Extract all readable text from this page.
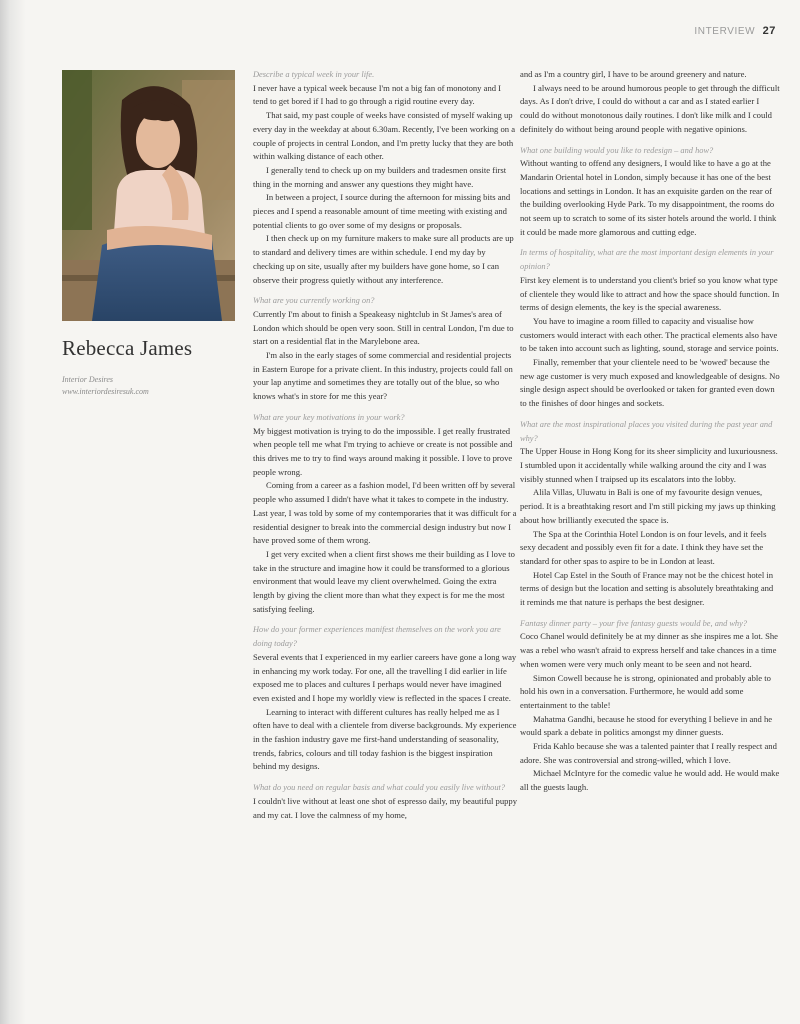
INTERVIEW 27
Rebecca James
Interior Desires
www.interiordesiresuk.com

Describe a typical week in your life.

I never have a typical week because I'm not a big fan of monotony and I tend to get bored if I had to go through a rigid routine every day.

That said, my past couple of weeks have consisted of myself waking up every day in the weekday at about 6.30am. Recently, I've been working on a couple of projects in central London, and I'm pretty lucky that they are both within walking distance of each other.

I generally tend to check up on my builders and tradesmen onsite first thing in the morning and answer any questions they might have.

In between a project, I source during the afternoon for missing bits and pieces and I spend a reasonable amount of time meeting with existing and potential clients to go over some of my designs or proposals.

I then check up on my furniture makers to make sure all products are up to standard and delivery times are within schedule. I end my day by checking up on site, usually after my builders have gone home, so I can observe their progress quietly without any interference.

What are you currently working on?

Currently I'm about to finish a Speakeasy nightclub in St James's area of London which should be open very soon. Still in central London, I'm due to start on a residential flat in the Marylebone area.

I'm also in the early stages of some commercial and residential projects in Eastern Europe for a private client. In this industry, projects could fall on your lap anytime and sometimes they are totally out of the blue, so who knows what's in store for me this year?

What are your key motivations in your work?

My biggest motivation is trying to do the impossible. I get really frustrated when people tell me what I'm trying to achieve or create is not possible and this drives me to try to find ways around making it possible. I love to prove people wrong.

Coming from a career as a fashion model, I'd been written off by several people who assumed I didn't have what it takes to compete in the industry. Last year, I was told by some of my contemporaries that it was difficult for a residential designer to break into the commercial design industry but now I have proved some of them wrong.

I get very excited when a client first shows me their building as I love to take in the structure and imagine how it could be transformed to a glorious environment that would leave my client overwhelmed. Going the extra length by giving the client more than what they expect is for me the most satisfying feeling.

How do your former experiences manifest themselves on the work you are doing today?

Several events that I experienced in my earlier careers have gone a long way in enhancing my work today. For one, all the travelling I did earlier in life exposed me to places and cultures I perhaps would never have imagined even existed and I hope my worldly view is reflected in the spaces I create.

Learning to interact with different cultures has really helped me as I often have to deal with a clientele from diverse backgrounds. My experience in the fashion industry gave me first-hand understanding of seasonality, trends, fabrics, colours and till today fashion is the biggest inspiration behind my designs.

What do you need on regular basis and what could you easily live without?

I couldn't live without at least one shot of espresso daily, my beautiful puppy and my cat. I love the calmness of my home,

and as I'm a country girl, I have to be around greenery and nature.

I always need to be around humorous people to get through the difficult days. As I don't drive, I could do without a car and as I stated earlier I could do without monotonous daily routines. I don't like milk and I could definitely do without being around people with negative opinions.

What one building would you like to redesign – and how?

Without wanting to offend any designers, I would like to have a go at the Mandarin Oriental hotel in London, simply because it has one of the best locations and settings in London. It has an exquisite garden on the rear of the building overlooking Hyde Park. To my disappointment, the rooms do not seem up to scratch to some of its sister hotels around the world. I think it could be made more glamorous and cutting edge.

In terms of hospitality, what are the most important design elements in your opinion?

First key element is to understand you client's brief so you know what type of clientele they would like to attract and how the space should function. In terms of design elements, the key is the special awareness.

You have to imagine a room filled to capacity and visualise how customers would interact with each other. The practical elements also have to be taken into account such as lighting, sound, storage and service points.

Finally, remember that your clientele need to be 'wowed' because the new age customer is very much exposed and knowledgeable of designs. No single design aspect should be overlooked or taken for granted even down to the finishes of door hinges and sockets.

What are the most inspirational places you visited during the past year and why?

The Upper House in Hong Kong for its sheer simplicity and luxuriousness. I stumbled upon it accidentally while walking around the city and I was visibly stunned when I traipsed up its escalators into the lobby.

Alila Villas, Uluwatu in Bali is one of my favourite design venues, period. It is a breathtaking resort and I'm still picking my jaws up thinking about how brilliantly executed the space is.

The Spa at the Corinthia Hotel London is on four levels, and it feels sexy decadent and possibly even fit for a date. I think they have set the standard for other spas to aspire to be in London at least.

Hotel Cap Estel in the South of France may not be the chicest hotel in terms of design but the location and setting is absolutely breathtaking and it reminds me that nature is perhaps the best designer.

Fantasy dinner party – your five fantasy guests would be, and why?

Coco Chanel would definitely be at my dinner as she inspires me a lot. She was a rebel who wasn't afraid to express herself and take chances in a time when women were very much only meant to be seen and not heard.

Simon Cowell because he is strong, opinionated and probably able to hold his own in a conversation. Furthermore, he would add some entertainment to the table!

Mahatma Gandhi, because he stood for everything I believe in and he would spark a debate in politics amongst my dinner guests.

Frida Kahlo because she was a talented painter that I really respect and adore. She was controversial and strong-willed, which I love.

Michael McIntyre for the comedic value he would add. He would make all the guests laugh.
